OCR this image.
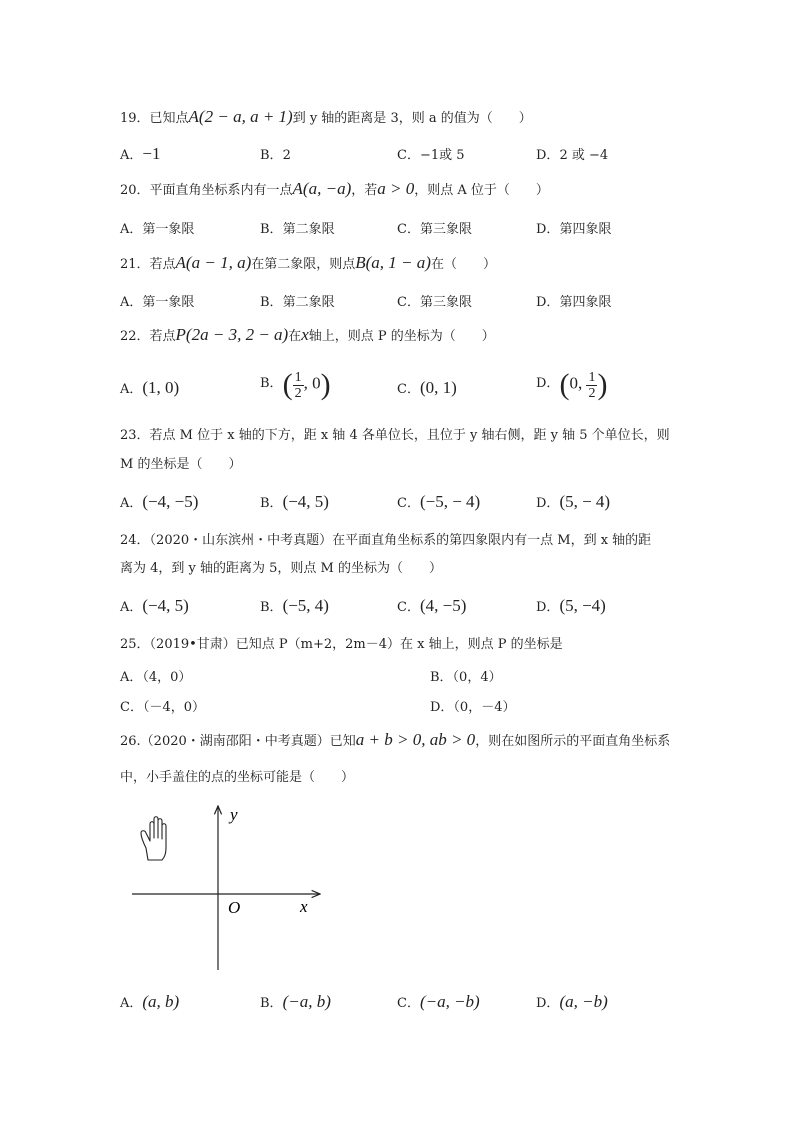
19．已知点A(2 − a, a + 1)到 y 轴的距离是 3，则 a 的值为（　　）
A．−1	B．2	C．−1或 5	D．2 或 −4
20．平面直角坐标系内有一点A(a, −a)，若a > 0，则点 A 位于（　　）
A．第一象限	B．第二象限	C．第三象限	D．第四象限
21．若点A(a − 1, a)在第二象限，则点B(a, 1 − a)在（　　）
A．第一象限	B．第二象限	C．第三象限	D．第四象限
22．若点P(2a − 3, 2 − a)在x轴上，则点 P 的坐标为（　　）
A．(1, 0)	B．( $\frac{1}{2}$ , 0)	C．(0, 1)	D．(0, $\frac{1}{2}$ )
23．若点 M 位于 x 轴的下方，距 x 轴 4 各单位长，且位于 y 轴右侧，距 y 轴 5 个单位长，则
M 的坐标是（　　）
A．(−4, −5)	B．(−4, 5)	C．(−5, − 4)	D．(5, − 4)
24．（2020・山东滨州・中考真题）在平面直角坐标系的第四象限内有一点 M，到 x 轴的距
离为 4，到 y 轴的距离为 5，则点 M 的坐标为（　　）
A．(−4, 5)	B．(−5, 4)	C．(4, −5)	D．(5, −4)
25．（2019•甘肃）已知点 P（m+2，2m－4）在 x 轴上，则点 P 的坐标是
A．（4，0）	B．（0，4）
C．（－4，0）	D．（0，－4）
26.（2020・湖南邵阳・中考真题）已知a + b > 0, ab > 0，则在如图所示的平面直角坐标系
中，小手盖住的点的坐标可能是（　　）
y
x
O
A．(a, b)	B．(−a, b)	C．(−a, −b)	D．(a, −b)
